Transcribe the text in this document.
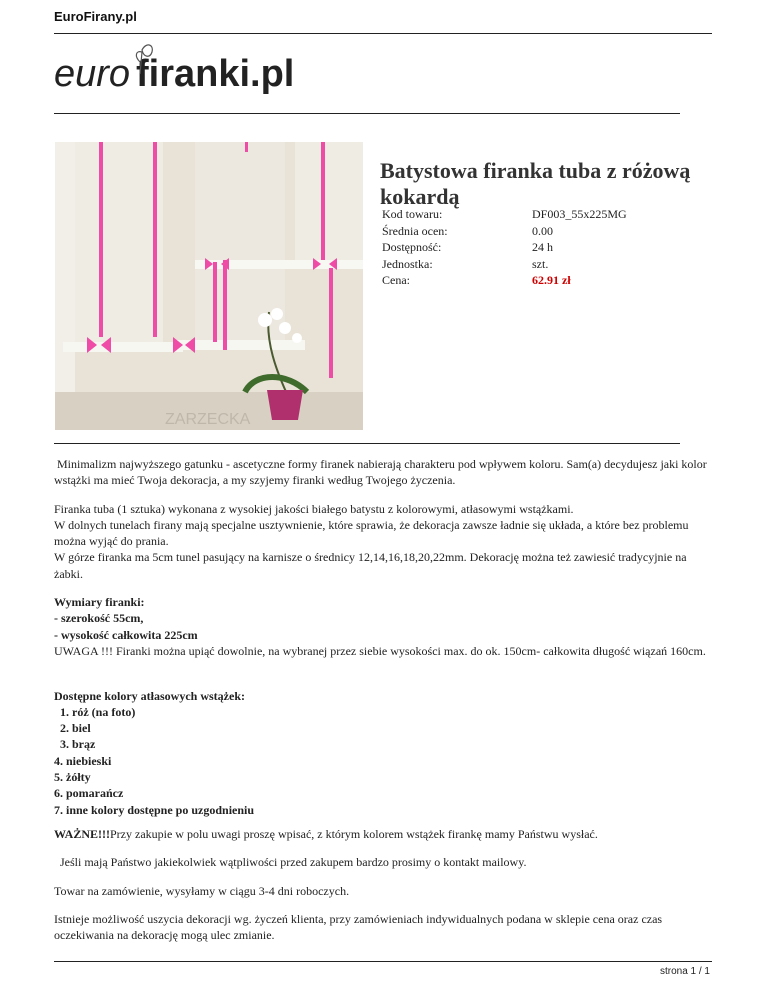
EuroFirany.pl
euro firanki.pl
ZARZECKA
Batystowa firanka tuba z różową kokardą
Kod towaru:	DF003_55x225MG
Średnia ocen:	0.00
Dostępność:	24 h
Jednostka:	szt.
Cena:	62.91 zł

Minimalizm najwyższego gatunku - ascetyczne formy firanek nabierają charakteru pod wpływem koloru. Sam(a) decydujesz jaki kolor wstążki ma mieć Twoja dekoracja, a my szyjemy firanki według Twojego życzenia.

Firanka tuba (1 sztuka) wykonana z wysokiej jakości białego batystu z kolorowymi, atłasowymi wstążkami.
W dolnych tunelach firany mają specjalne usztywnienie, które sprawia, że dekoracja zawsze ładnie się układa, a które bez problemu można wyjąć do prania.
W górze firanka ma 5cm tunel pasujący na karnisze o średnicy 12,14,16,18,20,22mm. Dekorację można też zawiesić tradycyjnie na żabki.

Wymiary firanki:
- szerokość 55cm,
- wysokość całkowita 225cm
UWAGA !!! Firanki można upiąć dowolnie, na wybranej przez siebie wysokości max. do ok. 150cm- całkowita długość wiązań 160cm.

Dostępne kolory atłasowych wstążek:
1. róż (na foto)
2. biel
3. brąz
4. niebieski
5. żółty
6. pomarańcz
7. inne kolory dostępne po uzgodnieniu

WAŻNE!!!Przy zakupie w polu uwagi proszę wpisać, z którym kolorem wstążek firankę mamy Państwu wysłać.

Jeśli mają Państwo jakiekolwiek wątpliwości przed zakupem bardzo prosimy o kontakt mailowy.

Towar na zamówienie, wysyłamy w ciągu 3-4 dni roboczych.

Istnieje możliwość uszycia dekoracji wg. życzeń klienta, przy zamówieniach indywidualnych podana w sklepie cena oraz czas oczekiwania na dekorację mogą ulec zmianie.

strona 1 / 1
